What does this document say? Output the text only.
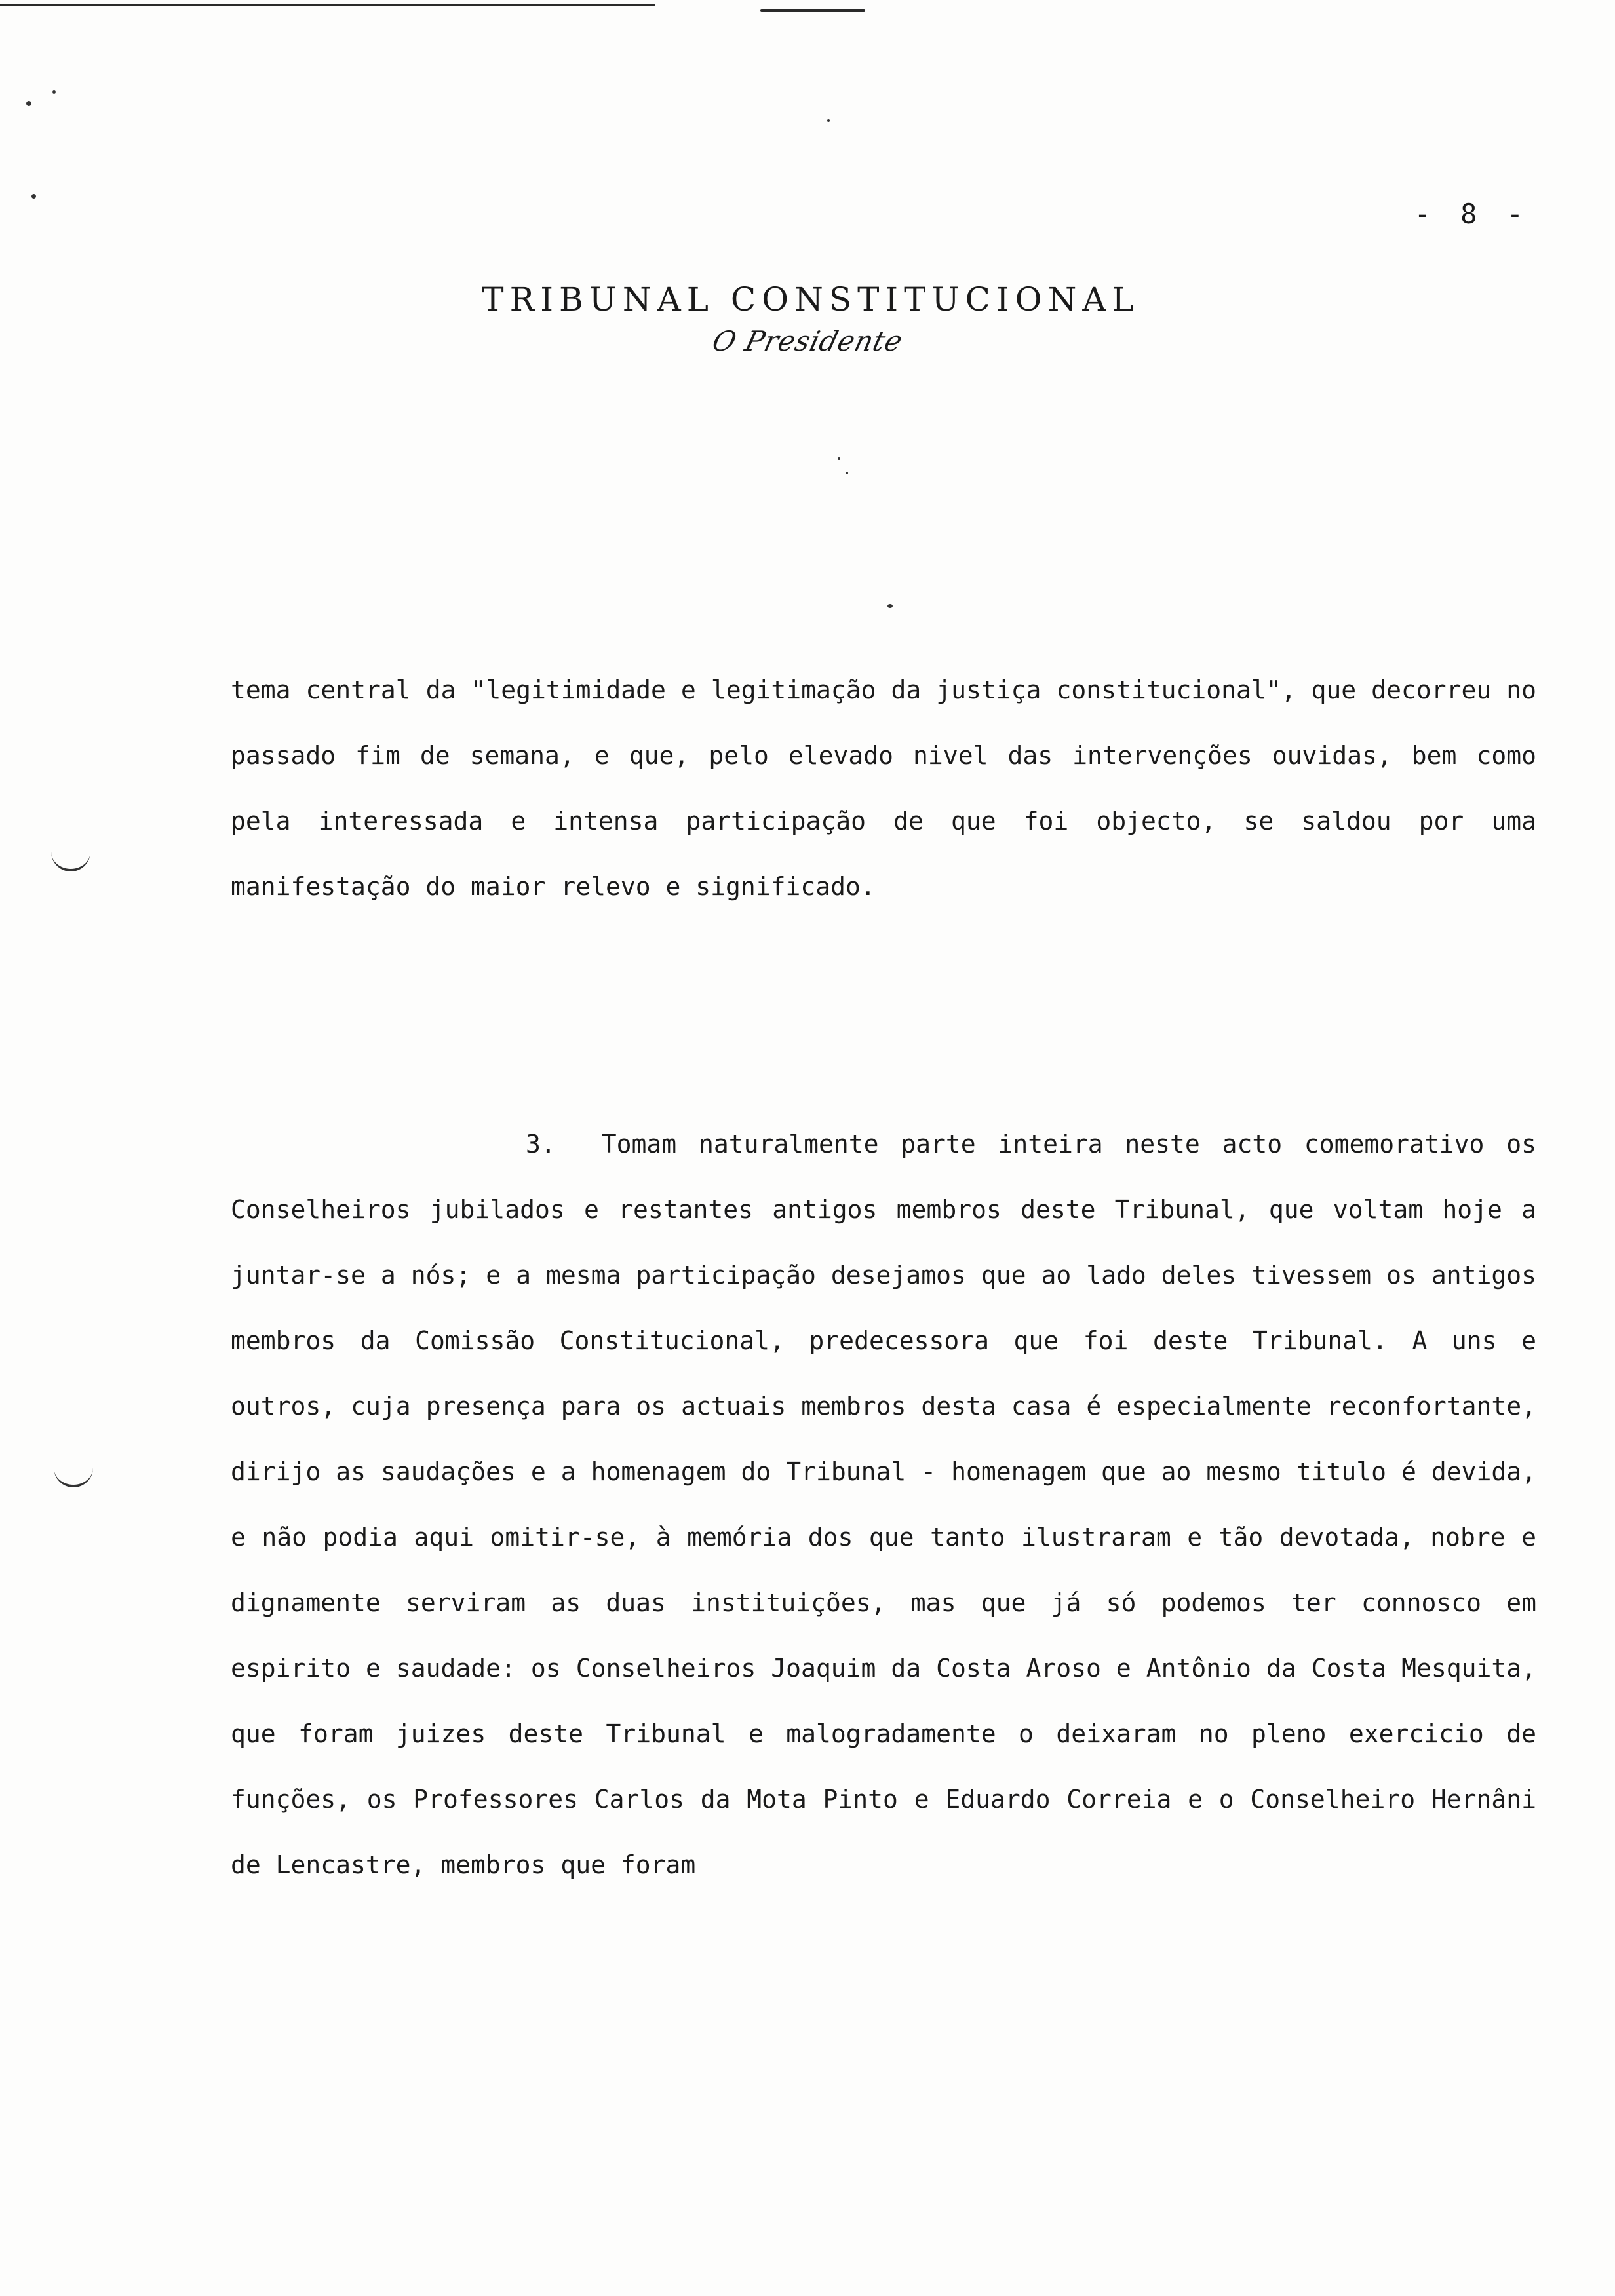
- 8 -
TRIBUNAL CONSTITUCIONAL
O Presidente

tema central da "legitimidade e legitimação da justiça constitucional", que decorreu no passado fim de semana, e que, pelo elevado nivel das intervenções ouvidas, bem como pela interessada e intensa participação de que foi objecto, se saldou por uma manifestação do maior relevo e significado.

3. Tomam naturalmente parte inteira neste acto comemorativo os Conselheiros jubilados e restantes antigos membros deste Tribunal, que voltam hoje a juntar-se a nós; e a mesma participação desejamos que ao lado deles tivessem os antigos membros da Comissão Constitucional, predecessora que foi deste Tribunal. A uns e outros, cuja presença para os actuais membros desta casa é especialmente reconfortante, dirijo as saudações e a homenagem do Tribunal - homenagem que ao mesmo titulo é devida, e não podia aqui omitir-se, à memória dos que tanto ilustraram e tão devotada, nobre e dignamente serviram as duas instituições, mas que já só podemos ter connosco em espirito e saudade: os Conselheiros Joaquim da Costa Aroso e Antônio da Costa Mesquita, que foram juizes deste Tribunal e malogradamente o deixaram no pleno exercicio de funções, os Professores Carlos da Mota Pinto e Eduardo Correia e o Conselheiro Hernâni de Lencastre, membros que foram
